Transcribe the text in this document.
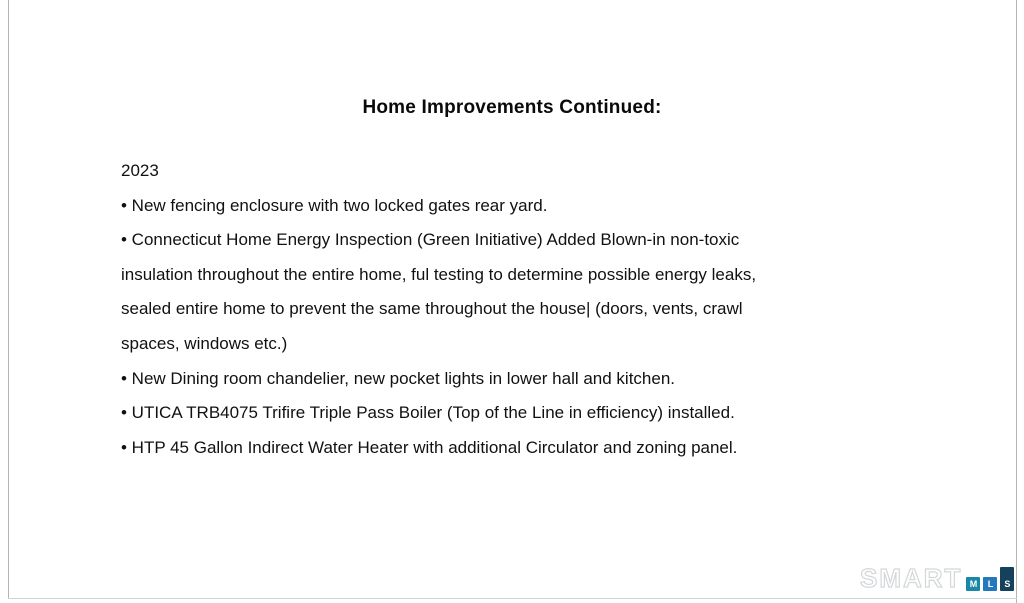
Home Improvements Continued:
2023
• New fencing enclosure with two locked gates rear yard.
• Connecticut Home Energy Inspection (Green Initiative) Added Blown-in non-toxic
insulation throughout the entire home, ful testing to determine possible energy leaks,
sealed entire home to prevent the same throughout the house| (doors, vents, crawl
spaces, windows etc.)
• New Dining room chandelier, new pocket lights in lower hall and kitchen.
• UTICA TRB4075 Trifire Triple Pass Boiler (Top of the Line in efficiency) installed.
• HTP 45 Gallon Indirect Water Heater with additional Circulator and zoning panel.
SMART M	L	S
